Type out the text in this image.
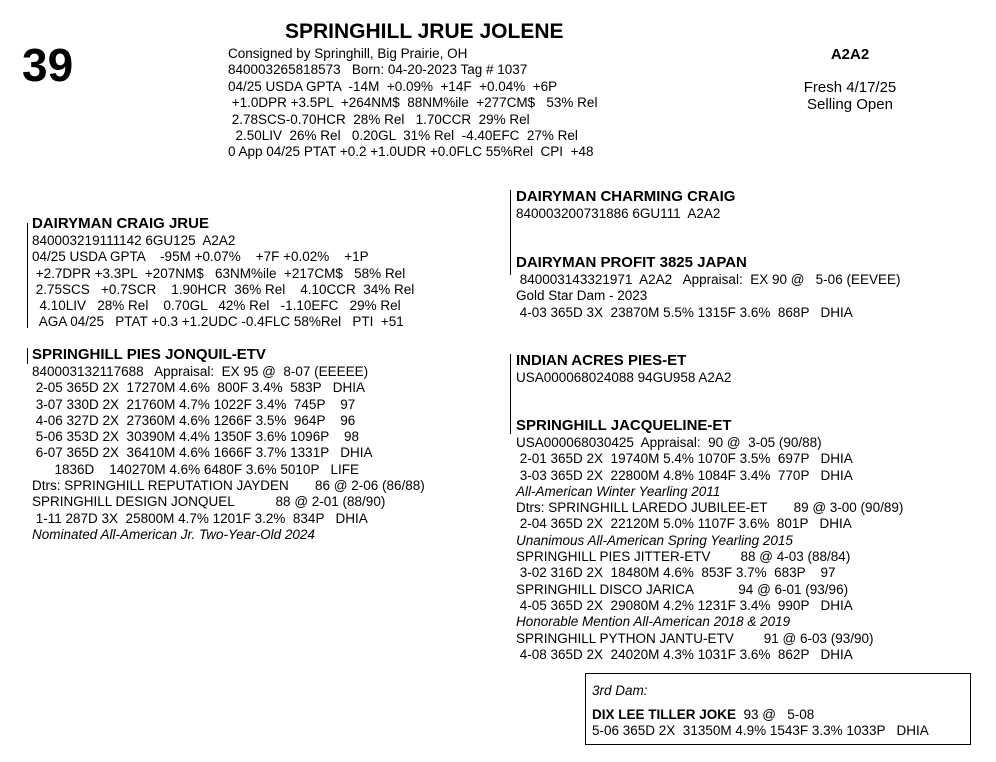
39
SPRINGHILL JRUE JOLENE
Consigned by Springhill, Big Prairie, OH
840003265818573   Born: 04-20-2023 Tag # 1037
04/25 USDA GPTA  -14M  +0.09%  +14F  +0.04%  +6P
+1.0DPR +3.5PL  +264NM$  88NM%ile  +277CM$   53% Rel
2.78SCS-0.70HCR  28% Rel   1.70CCR  29% Rel
2.50LIV  26% Rel   0.20GL  31% Rel  -4.40EFC  27% Rel
0 App 04/25 PTAT +0.2 +1.0UDR +0.0FLC 55%Rel  CPI  +48
A2A2
Fresh 4/17/25
Selling Open
DAIRYMAN CRAIG JRUE
840003219111142 6GU125  A2A2
04/25 USDA GPTA    -95M +0.07%    +7F +0.02%    +1P
+2.7DPR +3.3PL  +207NM$   63NM%ile  +217CM$   58% Rel
2.75SCS   +0.7SCR    1.90HCR  36% Rel    4.10CCR  34% Rel
4.10LIV   28% Rel    0.70GL   42% Rel   -1.10EFC   29% Rel
AGA 04/25   PTAT +0.3 +1.2UDC -0.4FLC 58%Rel   PTI  +51
SPRINGHILL PIES JONQUIL-ETV
840003132117688   Appraisal:  EX 95 @  8-07 (EEEEE)
2-05 365D 2X  17270M 4.6%  800F 3.4%  583P   DHIA
3-07 330D 2X  21760M 4.7% 1022F 3.4%  745P    97
4-06 327D 2X  27360M 4.6% 1266F 3.5%  964P    96
5-06 353D 2X  30390M 4.4% 1350F 3.6% 1096P    98
6-07 365D 2X  36410M 4.6% 1666F 3.7% 1331P   DHIA
1836D    140270M 4.6% 6480F 3.6% 5010P   LIFE
Dtrs: SPRINGHILL REPUTATION JAYDEN       86 @ 2-06 (86/88)
SPRINGHILL DESIGN JONQUEL           88 @ 2-01 (88/90)
1-11 287D 3X  25800M 4.7% 1201F 3.2%  834P   DHIA
Nominated All-American Jr. Two-Year-Old 2024
DAIRYMAN CHARMING CRAIG
840003200731886 6GU111  A2A2
DAIRYMAN PROFIT 3825 JAPAN
840003143321971  A2A2   Appraisal:  EX 90 @   5-06 (EEVEE)
Gold Star Dam - 2023
4-03 365D 3X  23870M 5.5% 1315F 3.6%  868P   DHIA
INDIAN ACRES PIES-ET
USA000068024088 94GU958 A2A2
SPRINGHILL JACQUELINE-ET
USA000068030425  Appraisal:  90 @  3-05 (90/88)
2-01 365D 2X  19740M 5.4% 1070F 3.5%  697P   DHIA
3-03 365D 2X  22800M 4.8% 1084F 3.4%  770P   DHIA
All-American Winter Yearling 2011
Dtrs: SPRINGHILL LAREDO JUBILEE-ET       89 @ 3-00 (90/89)
2-04 365D 2X  22120M 5.0% 1107F 3.6%  801P   DHIA
Unanimous All-American Spring Yearling 2015
SPRINGHILL PIES JITTER-ETV        88 @ 4-03 (88/84)
3-02 316D 2X  18480M 4.6%  853F 3.7%  683P    97
SPRINGHILL DISCO JARICA            94 @ 6-01 (93/96)
4-05 365D 2X  29080M 4.2% 1231F 3.4%  990P   DHIA
Honorable Mention All-American 2018 & 2019
SPRINGHILL PYTHON JANTU-ETV        91 @ 6-03 (93/90)
4-08 365D 2X  24020M 4.3% 1031F 3.6%  862P   DHIA
3rd Dam:
DIX LEE TILLER JOKE  93 @   5-08
5-06 365D 2X  31350M 4.9% 1543F 3.3% 1033P   DHIA
